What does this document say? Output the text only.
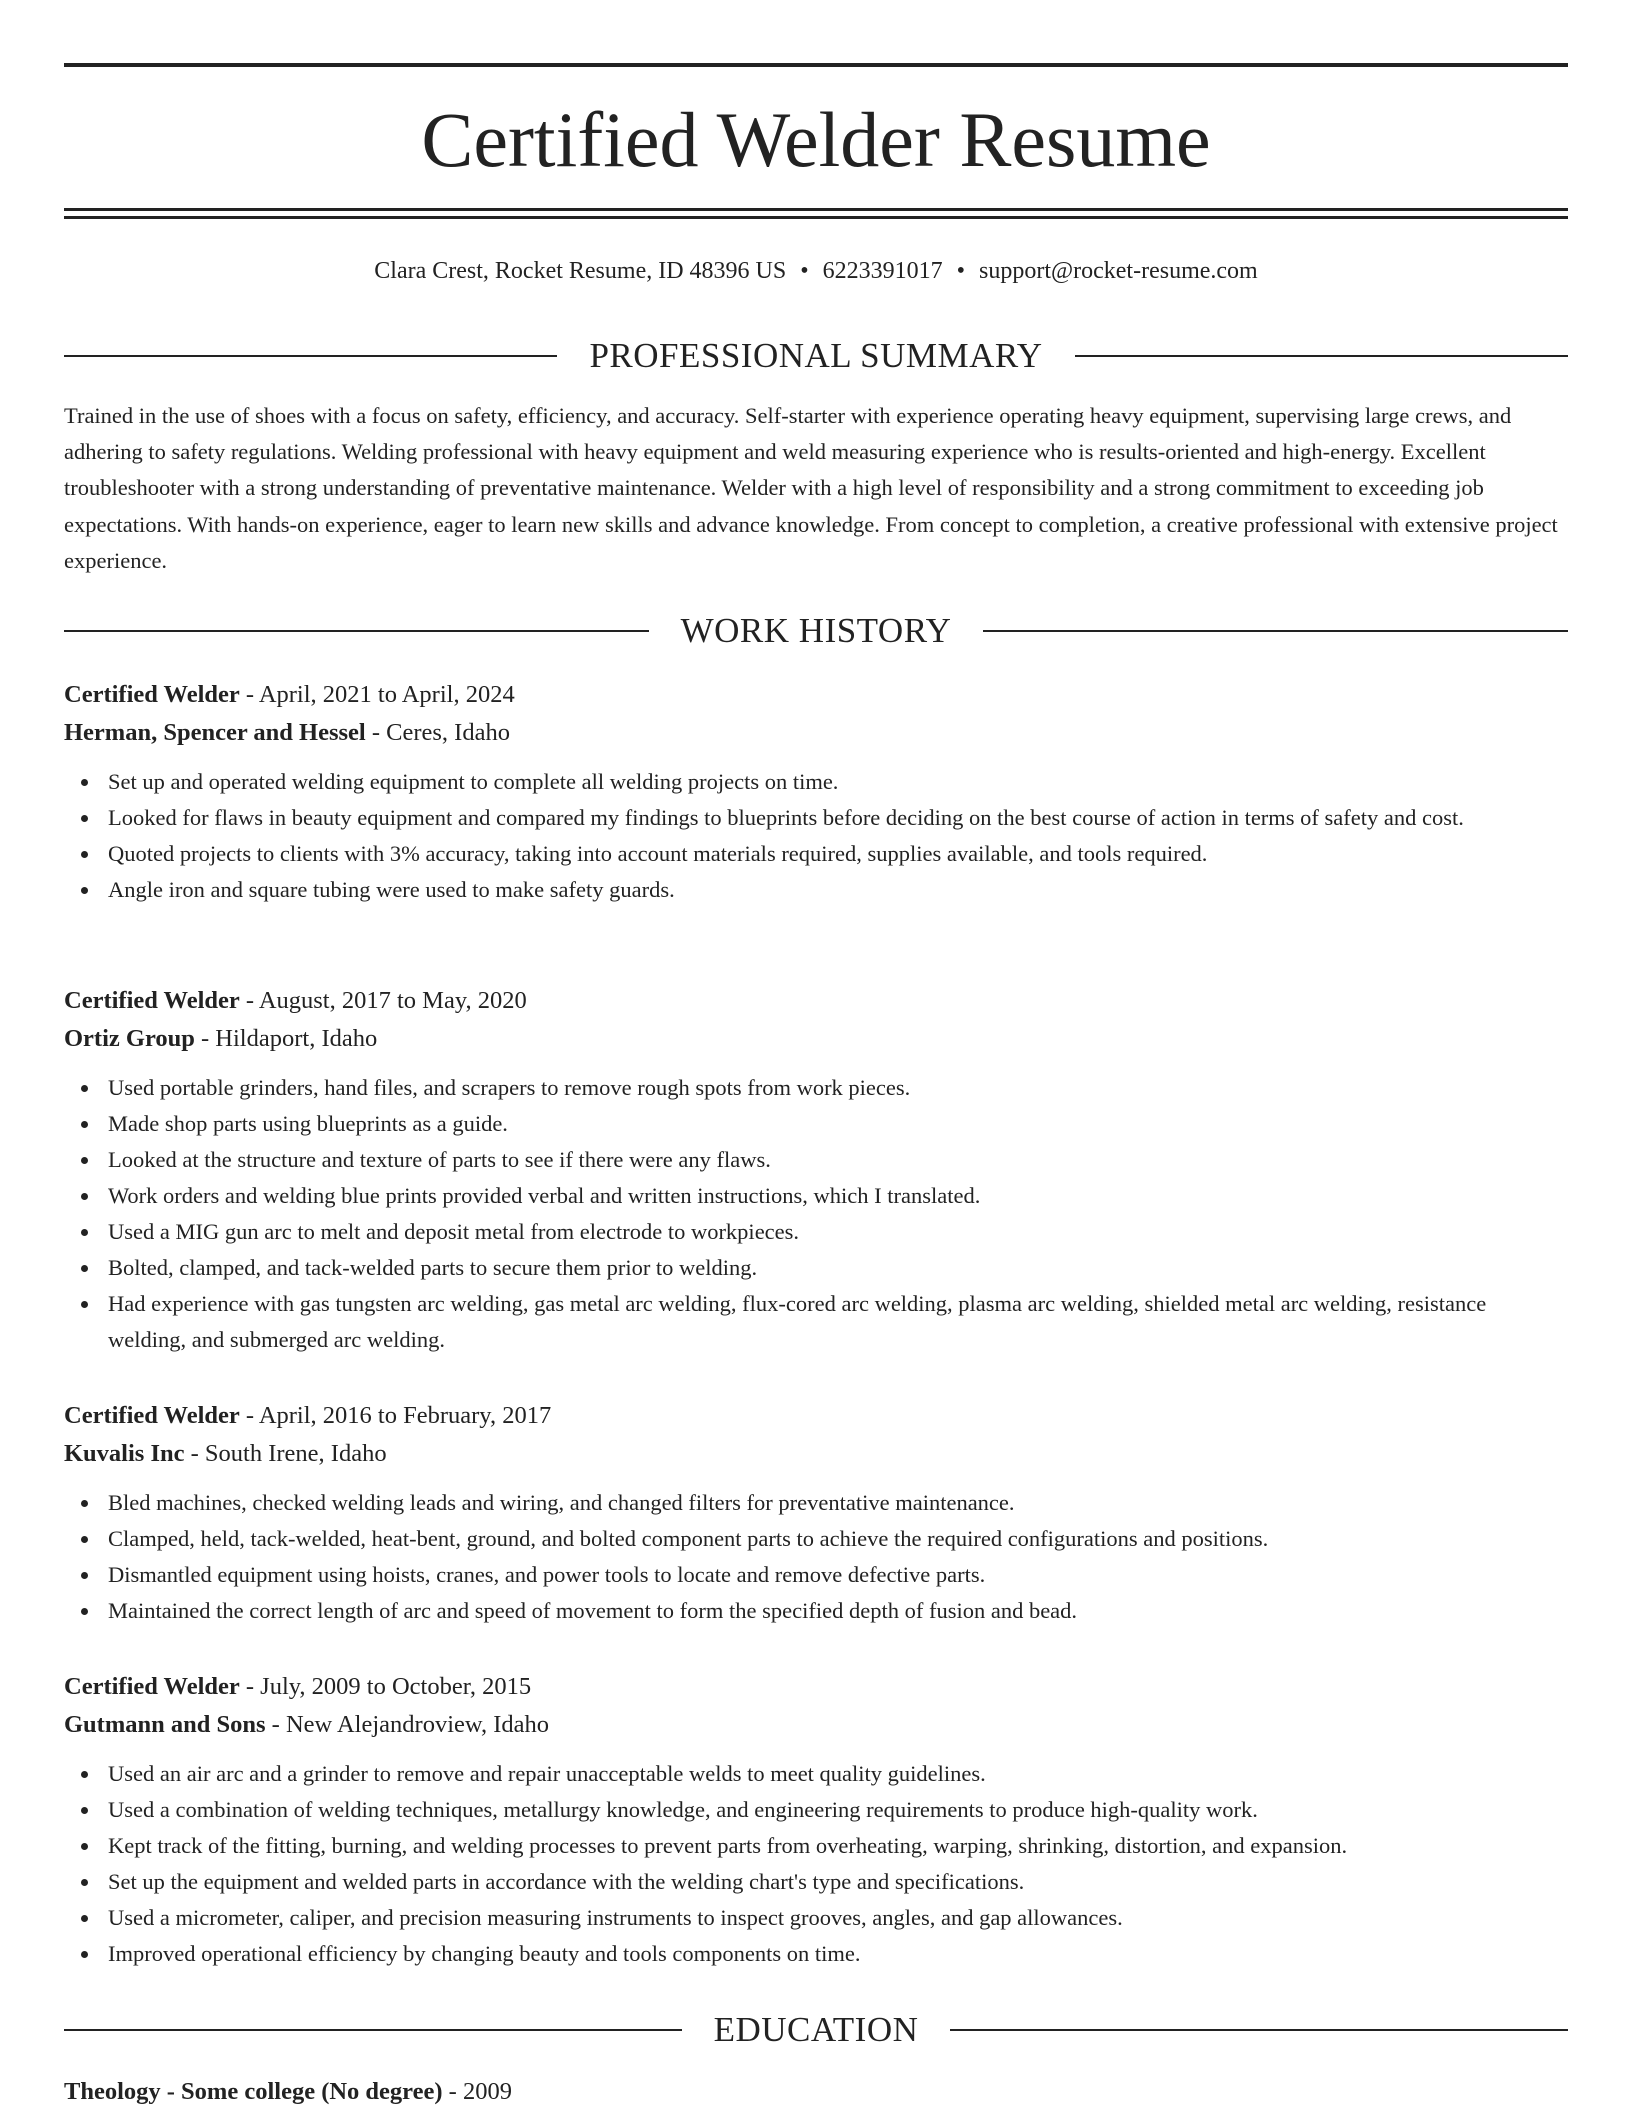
Certified Welder Resume
Clara Crest, Rocket Resume, ID 48396 US • 6223391017 • support@rocket-resume.com
PROFESSIONAL SUMMARY

Trained in the use of shoes with a focus on safety, efficiency, and accuracy. Self-starter with experience operating heavy equipment, supervising large crews, and adhering to safety regulations. Welding professional with heavy equipment and weld measuring experience who is results-oriented and high-energy. Excellent troubleshooter with a strong understanding of preventative maintenance. Welder with a high level of responsibility and a strong commitment to exceeding job expectations. With hands-on experience, eager to learn new skills and advance knowledge. From concept to completion, a creative professional with extensive project experience.

WORK HISTORY
Certified Welder - April, 2021 to April, 2024
Herman, Spencer and Hessel - Ceres, Idaho
Set up and operated welding equipment to complete all welding projects on time.
Looked for flaws in beauty equipment and compared my findings to blueprints before deciding on the best course of action in terms of safety and cost.
Quoted projects to clients with 3% accuracy, taking into account materials required, supplies available, and tools required.
Angle iron and square tubing were used to make safety guards.
Certified Welder - August, 2017 to May, 2020
Ortiz Group - Hildaport, Idaho
Used portable grinders, hand files, and scrapers to remove rough spots from work pieces.
Made shop parts using blueprints as a guide.
Looked at the structure and texture of parts to see if there were any flaws.
Work orders and welding blue prints provided verbal and written instructions, which I translated.
Used a MIG gun arc to melt and deposit metal from electrode to workpieces.
Bolted, clamped, and tack-welded parts to secure them prior to welding.
Had experience with gas tungsten arc welding, gas metal arc welding, flux-cored arc welding, plasma arc welding, shielded metal arc welding, resistance welding, and submerged arc welding.
Certified Welder - April, 2016 to February, 2017
Kuvalis Inc - South Irene, Idaho
Bled machines, checked welding leads and wiring, and changed filters for preventative maintenance.
Clamped, held, tack-welded, heat-bent, ground, and bolted component parts to achieve the required configurations and positions.
Dismantled equipment using hoists, cranes, and power tools to locate and remove defective parts.
Maintained the correct length of arc and speed of movement to form the specified depth of fusion and bead.
Certified Welder - July, 2009 to October, 2015
Gutmann and Sons - New Alejandroview, Idaho
Used an air arc and a grinder to remove and repair unacceptable welds to meet quality guidelines.
Used a combination of welding techniques, metallurgy knowledge, and engineering requirements to produce high-quality work.
Kept track of the fitting, burning, and welding processes to prevent parts from overheating, warping, shrinking, distortion, and expansion.
Set up the equipment and welded parts in accordance with the welding chart's type and specifications.
Used a micrometer, caliper, and precision measuring instruments to inspect grooves, angles, and gap allowances.
Improved operational efficiency by changing beauty and tools components on time.
EDUCATION
Theology - Some college (No degree) - 2009
